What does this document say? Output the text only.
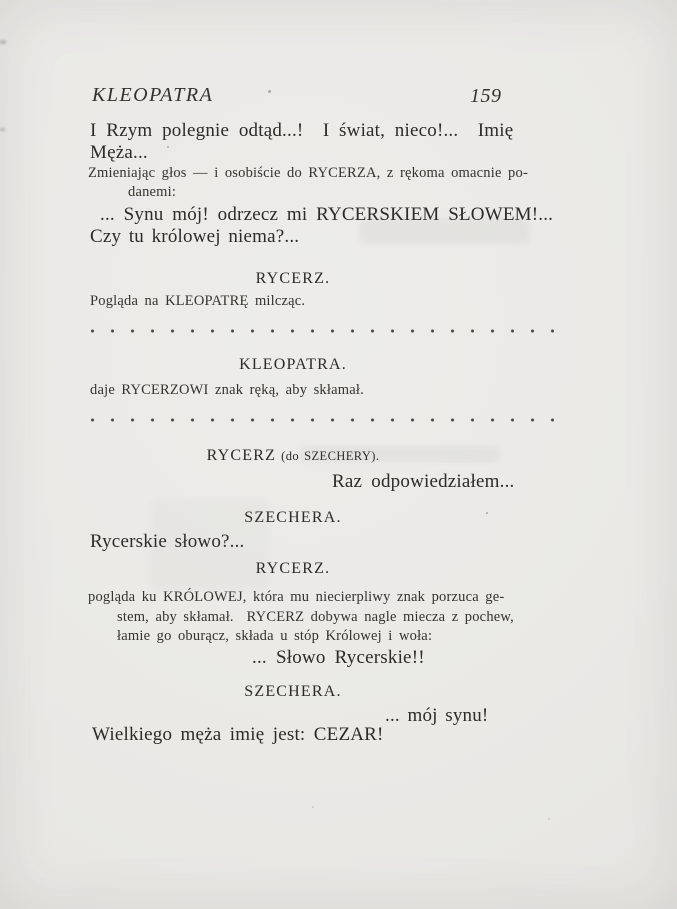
KLEOPATRA	159
I Rzym polegnie odtąd...!  I świat, nieco!...  Imię
Męża...
Zmieniając głos — i osobiście do RYCERZA, z rękoma omacnie po-
danemi:
... Synu mój! odrzecz mi RYCERSKIEM SŁOWEM!...
Czy tu królowej niema?...
RYCERZ.
Pogląda na KLEOPATRĘ milcząc.
KLEOPATRA.
daje RYCERZOWI znak ręką, aby skłamał.
RYCERZ (do SZECHERY).
Raz odpowiedziałem...
SZECHERA.
Rycerskie słowo?...
RYCERZ.
pogląda ku KRÓLOWEJ, która mu niecierpliwy znak porzuca ge-
stem, aby skłamał.  RYCERZ dobywa nagle miecza z pochew,
łamie go oburącz, składa u stóp Królowej i woła:
... Słowo Rycerskie!!
SZECHERA.
... mój synu!
Wielkiego męża imię jest: CEZAR!
